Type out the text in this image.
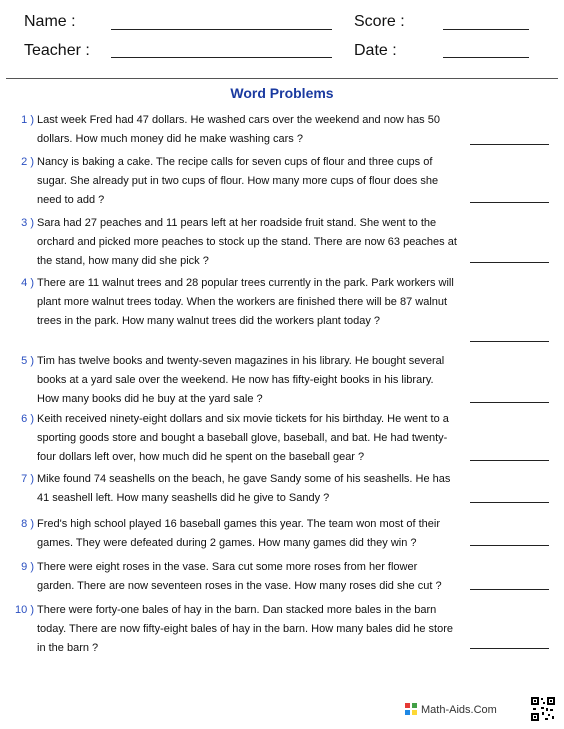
Name :	Score :
Teacher :	Date :
Word Problems
1 ) Last week Fred had 47 dollars. He washed cars over the weekend and now has 50 dollars. How much money did he make washing cars ?
2 ) Nancy is baking a cake. The recipe calls for seven cups of flour and three cups of sugar. She already put in two cups of flour. How many more cups of flour does she need to add ?
3 ) Sara had 27 peaches and 11 pears left at her roadside fruit stand. She went to the orchard and picked more peaches to stock up the stand. There are now 63 peaches at the stand, how many did she pick ?
4 ) There are 11 walnut trees and 28 popular trees currently in the park. Park workers will plant more walnut trees today. When the workers are finished there will be 87 walnut trees in the park. How many walnut trees did the workers plant today ?
5 ) Tim has twelve books and twenty-seven magazines in his library. He bought several books at a yard sale over the weekend. He now has fifty-eight books in his library. How many books did he buy at the yard sale ?
6 ) Keith received ninety-eight dollars and six movie tickets for his birthday. He went to a sporting goods store and bought a baseball glove, baseball, and bat. He had twenty-four dollars left over, how much did he spent on the baseball gear ?
7 ) Mike found 74 seashells on the beach, he gave Sandy some of his seashells. He has 41 seashell left. How many seashells did he give to Sandy ?
8 ) Fred's high school played 16 baseball games this year. The team won most of their games. They were defeated during 2 games. How many games did they win ?
9 ) There were eight roses in the vase. Sara cut some more roses from her flower garden. There are now seventeen roses in the vase. How many roses did she cut ?
10 ) There were forty-one bales of hay in the barn. Dan stacked more bales in the barn today. There are now fifty-eight bales of hay in the barn. How many bales did he store in the barn ?
Math-Aids.Com
